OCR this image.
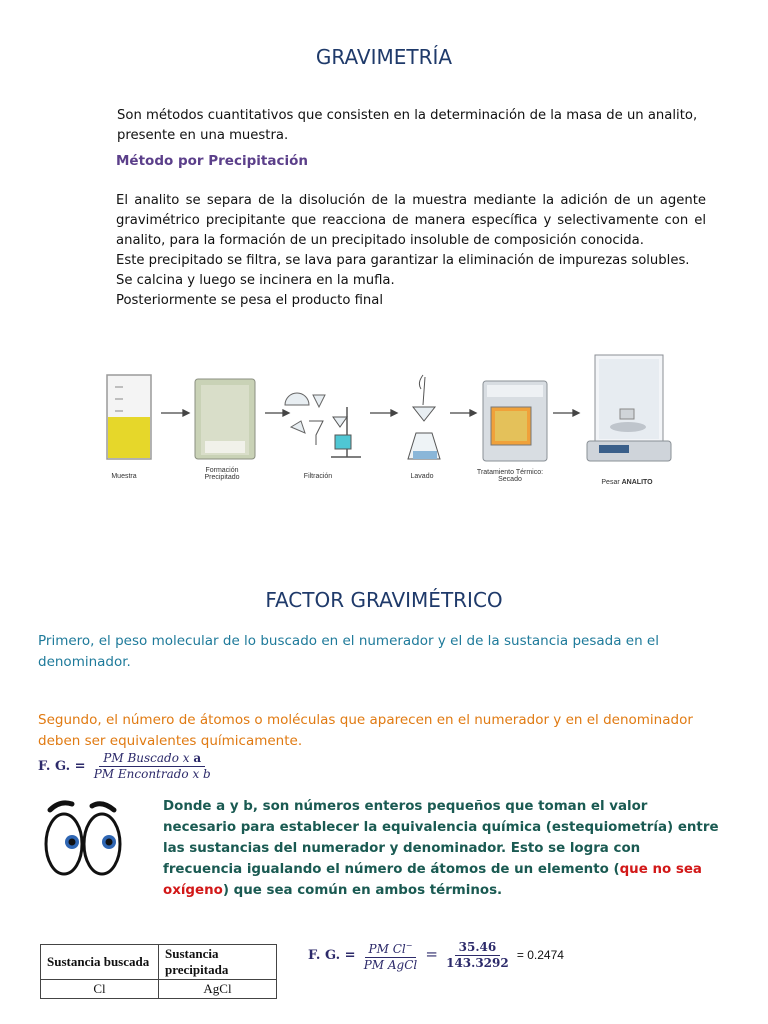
GRAVIMETRÍA
Son métodos cuantitativos que consisten en la determinación de la masa de un analito, presente en una muestra.
Método por Precipitación
El analito se separa de la disolución de la muestra mediante la adición de un agente gravimétrico precipitante que reacciona de manera específica y selectivamente con el analito, para la formación de un precipitado insoluble de composición conocida.
Este precipitado se filtra, se lava para garantizar la eliminación de impurezas solubles.
Se calcina y luego se incinera en la mufla.
Posteriormente se pesa el producto final
Muestra
Formación Precipitado	Filtración	Lavado
Tratamiento Térmico: Secado	Pesar ANALITO
FACTOR GRAVIMÉTRICO
Primero, el peso molecular de lo buscado en el numerador y el de la sustancia pesada en el denominador.
Segundo, el número de átomos o moléculas que aparecen en el numerador y en el denominador deben ser equivalentes químicamente.
F. G. = $\frac{\text{PM Buscado x a}}{\text{PM Encontrado x b}}$
Donde a y b, son números enteros pequeños que toman el valor necesario para establecer la equivalencia química (estequiometría) entre las sustancias del numerador y denominador. Esto se logra con frecuencia igualando el número de átomos de un elemento (que no sea oxígeno) que sea común en ambos términos.
Sustancia buscada	Sustancia precipitada
Cl	AgCl
F. G. = $\frac{PM Cl^-}{\text{PM AgCl}} = \frac{35.46}{143.3292} = 0.2474$
